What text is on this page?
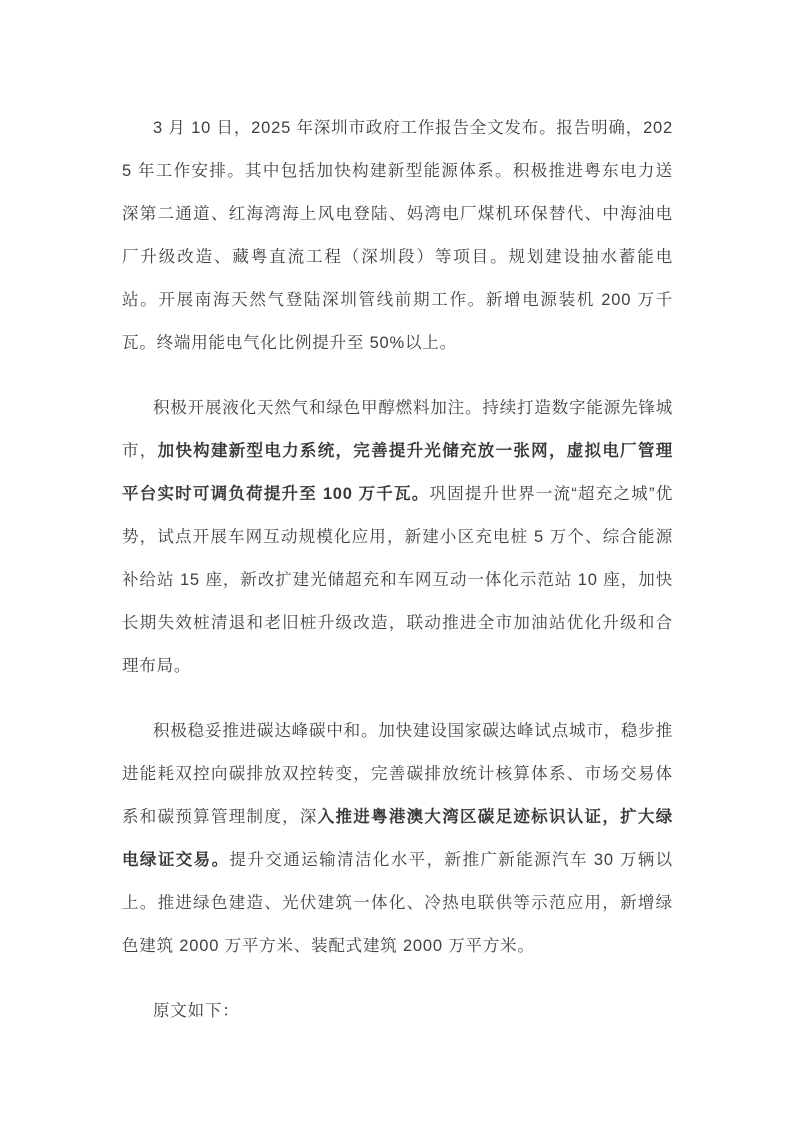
3 月 10 日，2025 年深圳市政府工作报告全文发布。报告明确，2025 年工作安排。其中包括加快构建新型能源体系。积极推进粤东电力送深第二通道、红海湾海上风电登陆、妈湾电厂煤机环保替代、中海油电厂升级改造、藏粤直流工程（深圳段）等项目。规划建设抽水蓄能电站。开展南海天然气登陆深圳管线前期工作。新增电源装机 200 万千瓦。终端用能电气化比例提升至 50%以上。

积极开展液化天然气和绿色甲醇燃料加注。持续打造数字能源先锋城市，加快构建新型电力系统，完善提升光储充放一张网，虚拟电厂管理平台实时可调负荷提升至 100 万千瓦。巩固提升世界一流“超充之城”优势，试点开展车网互动规模化应用，新建小区充电桩 5 万个、综合能源补给站 15 座，新改扩建光储超充和车网互动一体化示范站 10 座，加快长期失效桩清退和老旧桩升级改造，联动推进全市加油站优化升级和合理布局。

积极稳妥推进碳达峰碳中和。加快建设国家碳达峰试点城市，稳步推进能耗双控向碳排放双控转变，完善碳排放统计核算体系、市场交易体系和碳预算管理制度，深入推进粤港澳大湾区碳足迹标识认证，扩大绿电绿证交易。提升交通运输清洁化水平，新推广新能源汽车 30 万辆以上。推进绿色建造、光伏建筑一体化、冷热电联供等示范应用，新增绿色建筑 2000 万平方米、装配式建筑 2000 万平方米。

原文如下：
